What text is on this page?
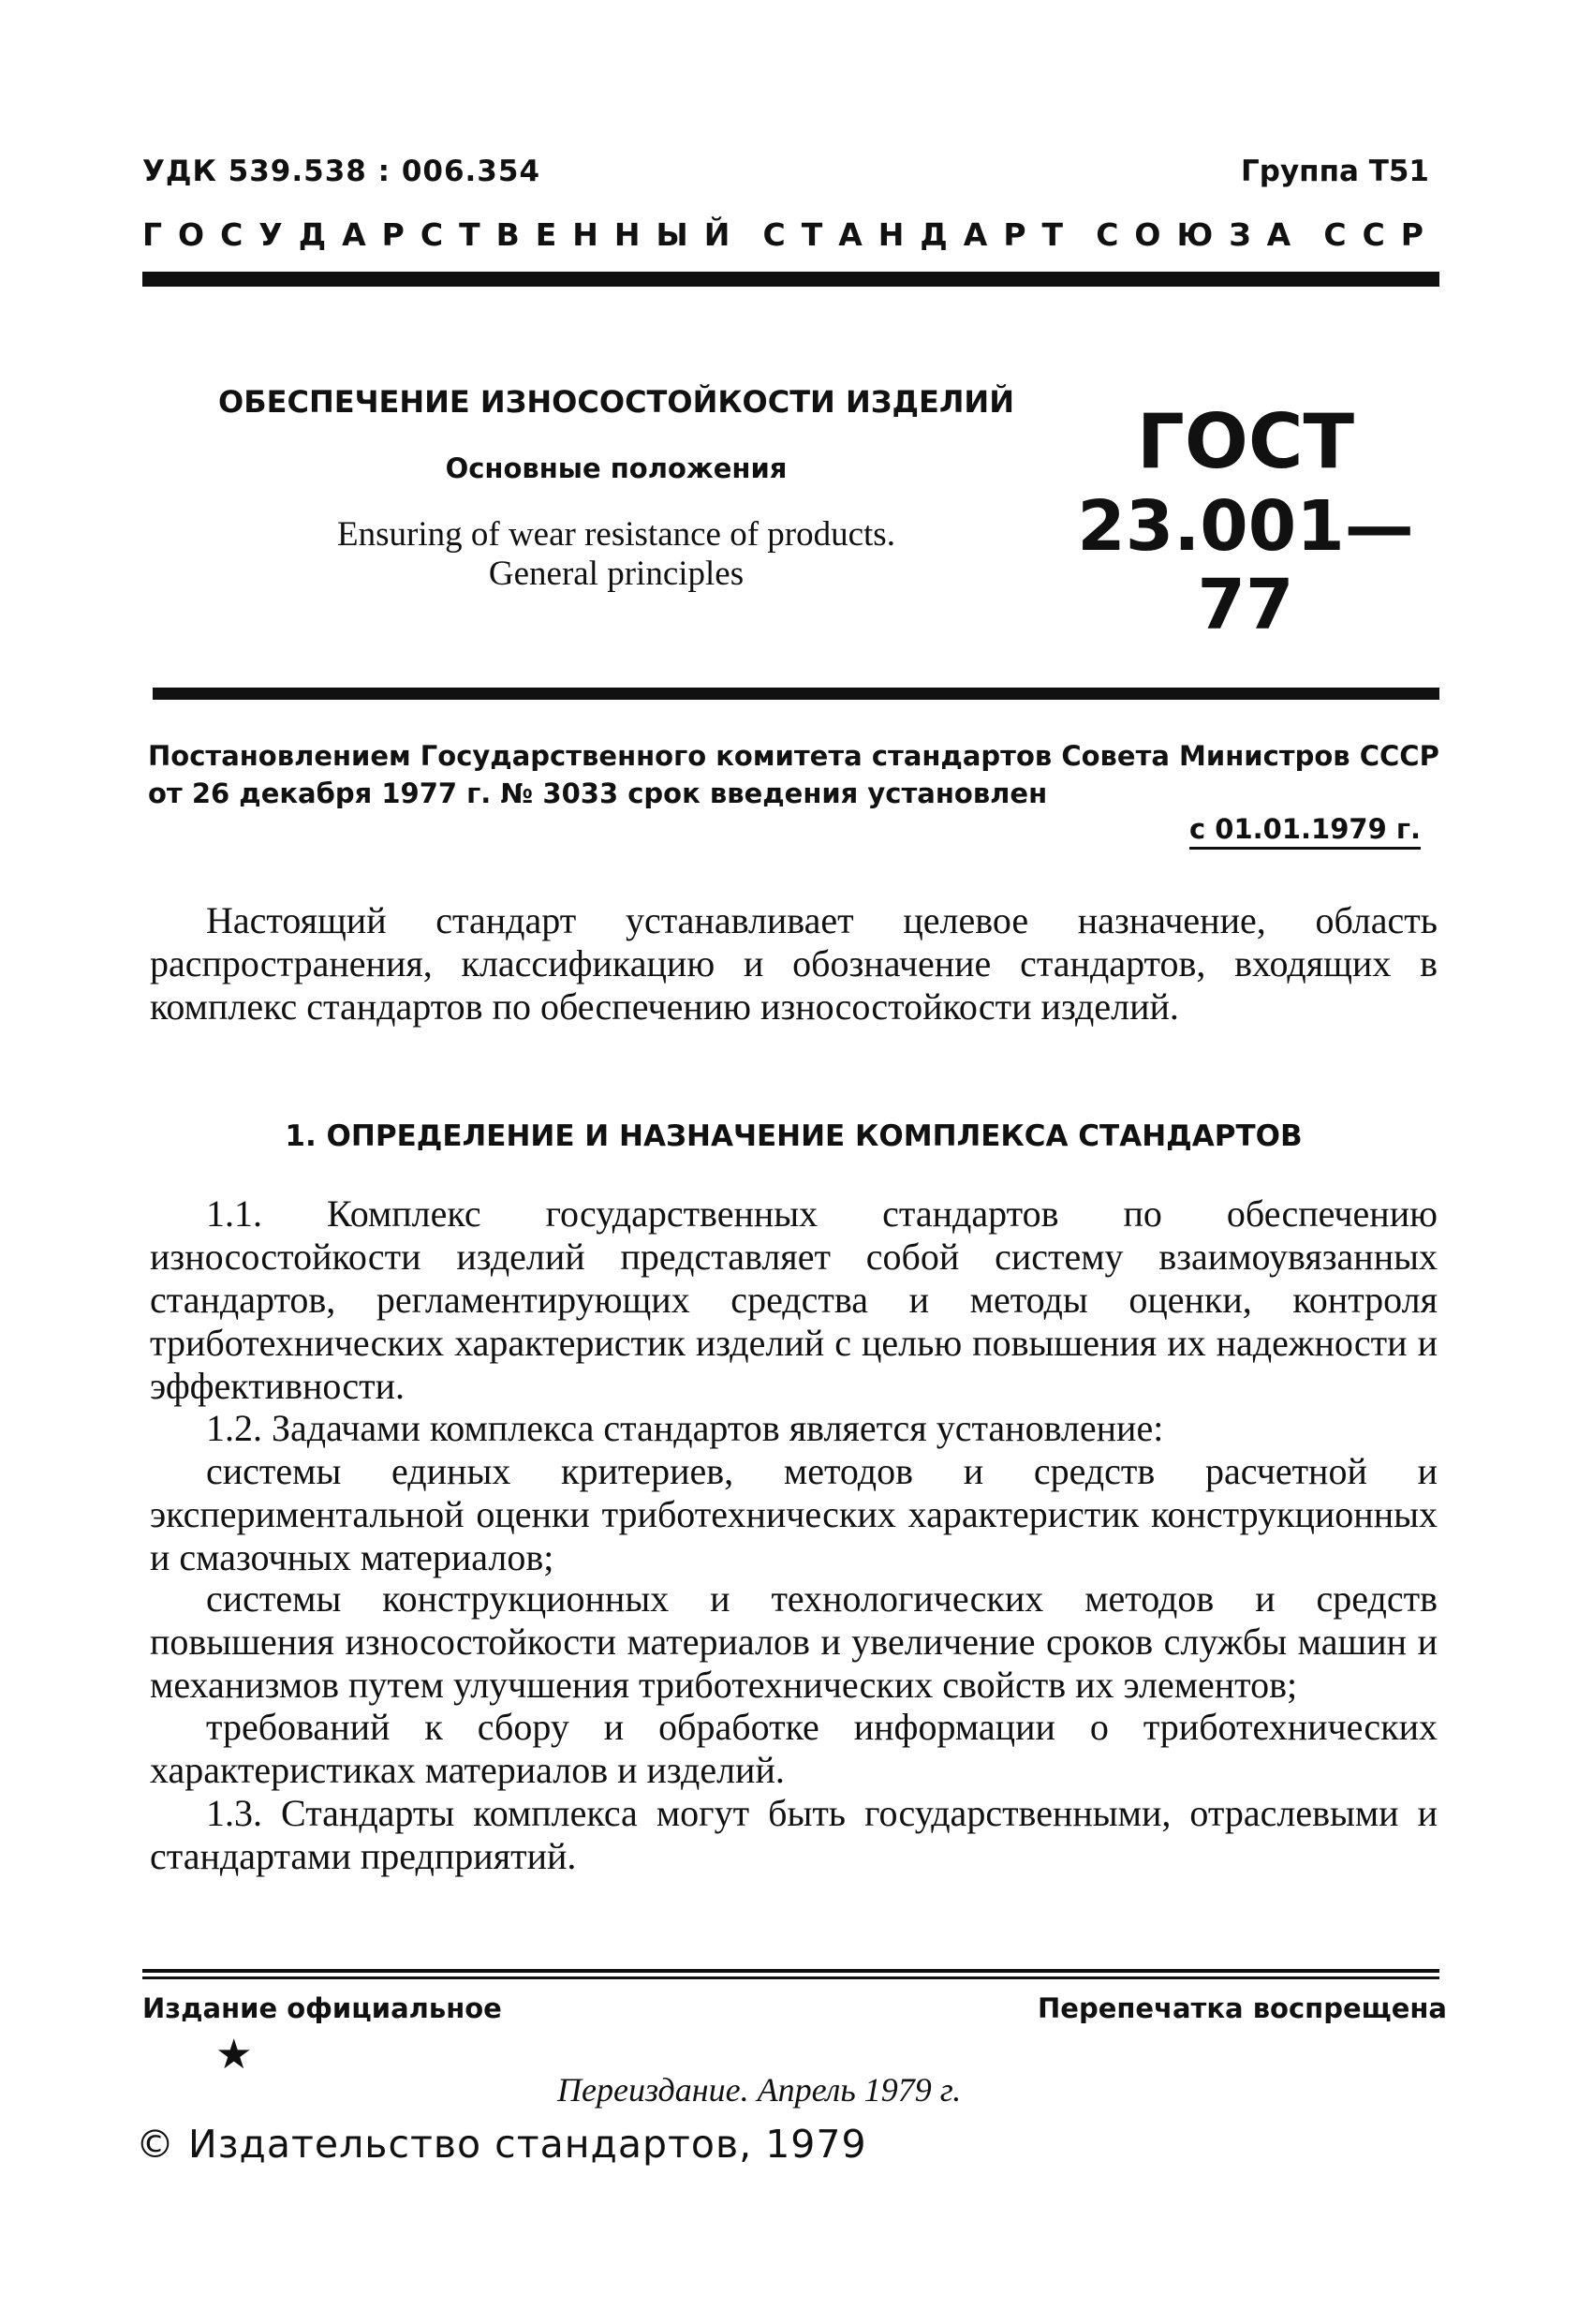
УДК 539.538 : 006.354	Группа Т51
ГОСУДАРСТВЕННЫЙ СТАНДАРТ СОЮЗА ССР
ОБЕСПЕЧЕНИЕ ИЗНОСОСТОЙКОСТИ ИЗДЕЛИЙ
Основные положения
Ensuring of wear resistance of products.
General principles
ГОСТ
23.001—77
Постановлением Государственного комитета стандартов Совета Министров СССР от 26 декабря 1977 г. № 3033 срок введения установлен
с 01.01.1979 г.
Настоящий стандарт устанавливает целевое назначение, область распространения, классификацию и обозначение стандартов, входящих в комплекс стандартов по обеспечению износостойкости изделий.
1. ОПРЕДЕЛЕНИЕ И НАЗНАЧЕНИЕ КОМПЛЕКСА СТАНДАРТОВ
1.1. Комплекс государственных стандартов по обеспечению износостойкости изделий представляет собой систему взаимоувязанных стандартов, регламентирующих средства и методы оценки, контроля триботехнических характеристик изделий с целью повышения их надежности и эффективности.
1.2. Задачами комплекса стандартов является установление:
системы единых критериев, методов и средств расчетной и экспериментальной оценки триботехнических характеристик конструкционных и смазочных материалов;
системы конструкционных и технологических методов и средств повышения износостойкости материалов и увеличение сроков службы машин и механизмов путем улучшения триботехнических свойств их элементов;
требований к сбору и обработке информации о триботехнических характеристиках материалов и изделий.
1.3. Стандарты комплекса могут быть государственными, отраслевыми и стандартами предприятий.
Издание официальное	Перепечатка воспрещена
★
Переиздание. Апрель 1979 г.
© Издательство стандартов, 1979
